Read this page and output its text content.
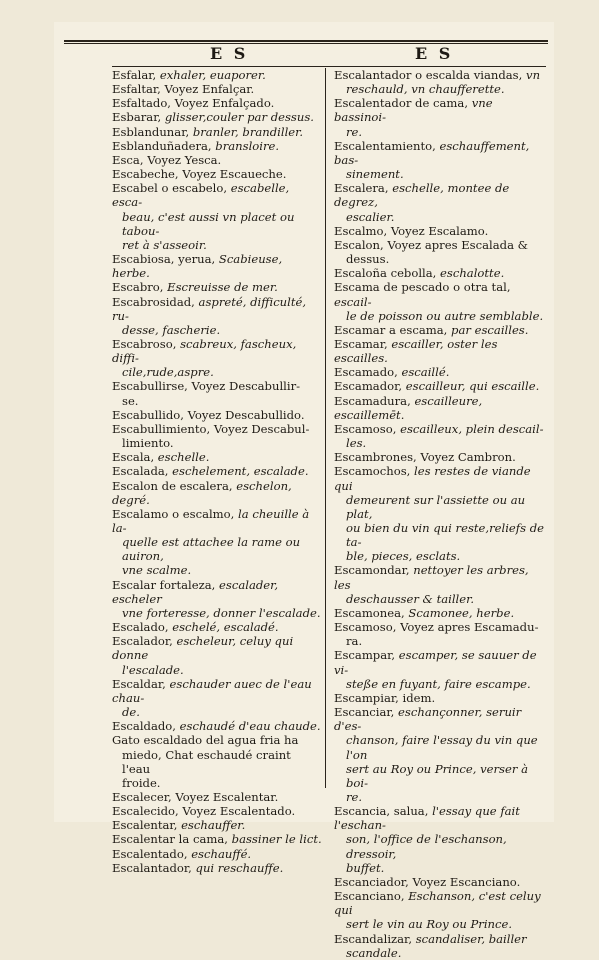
E S	E S

Esfalar, exhaler, euaporer.

Esfaltar, Voyez Enfalçar.

Esfaltado, Voyez Enfalçado.

Esbarar, glisser,couler par dessus.

Esblandunar, branler, brandiller.

Esblanduñadera, bransloire.

Esca, Voyez Yesca.

Escabeche, Voyez Escaueche.

Escabel o escabelo, escabelle, esca-
beau, c'est aussi vn placet ou tabou-
ret à s'asseoir.

Escabiosa, yerua, Scabieuse, herbe.

Escabro, Escreuisse de mer.

Escabrosidad, aspreté, difficulté, ru-
desse, fascherie.

Escabroso, scabreux, fascheux, diffi-
cile,rude,aspre.

Escabullirse, Voyez Descabullir-
se.

Escabullido, Voyez Descabullido.

Escabullimiento, Voyez Descabul-
limiento.

Escala, eschelle.

Escalada, eschelement, escalade.

Escalon de escalera, eschelon, degré.

Escalamo o escalmo, la cheuille à la-
quelle est attachee la rame ou auiron,
vne scalme.

Escalar fortaleza, escalader, escheler
vne forteresse, donner l'escalade.

Escalado, eschelé, escaladé.

Escalador, escheleur, celuy qui donne
l'escalade.

Escaldar, eschauder auec de l'eau chau-
de.

Escaldado, eschaudé d'eau chaude.

Gato escaldado del agua fria ha
miedo, Chat eschaudé craint l'eau
froide.

Escalecer, Voyez Escalentar.

Escalecido, Voyez Escalentado.

Escalentar, eschauffer.

Escalentar la cama, bassiner le lict.

Escalentado, eschauffé.

Escalantador, qui reschauffe.

Escalantador o escalda viandas, vn
reschauld, vn chaufferette.

Escalentador de cama, vne bassinoi-
re.

Escalentamiento, eschauffement, bas-
sinement.

Escalera, eschelle, montee de degrez,
escalier.

Escalmo, Voyez Escalamo.

Escalon, Voyez apres Escalada &
dessus.

Escaloña cebolla, eschalotte.

Escama de pescado o otra tal, escail-
le de poisson ou autre semblable.

Escamar a escama, par escailles.

Escamar, escailler, oster les escailles.

Escamado, escaillé.

Escamador, escailleur, qui escaille.

Escamadura, escailleure, escaillemēt.

Escamoso, escailleux, plein descail-
les.

Escambrones, Voyez Cambron.

Escamochos, les restes de viande qui
demeurent sur l'assiette ou au plat,
ou bien du vin qui reste,reliefs de ta-
ble, pieces, esclats.

Escamondar, nettoyer les arbres, les
deschausser & tailler.

Escamonea, Scamonee, herbe.

Escamoso, Voyez apres Escamadu-
ra.

Escampar, escamper, se sauuer de vi-
steße en fuyant, faire escampe.

Escampiar, idem.

Escanciar, eschançonner, seruir d'es-
chanson, faire l'essay du vin que l'on
sert au Roy ou Prince, verser à boi-
re.

Escancia, salua, l'essay que fait l'eschan-
son, l'office de l'eschanson, dressoir,
buffet.

Escanciador, Voyez Escanciano.

Escanciano, Eschanson, c'est celuy qui
sert le vin au Roy ou Prince.

Escandalizar, scandaliser, bailler
scandale.
